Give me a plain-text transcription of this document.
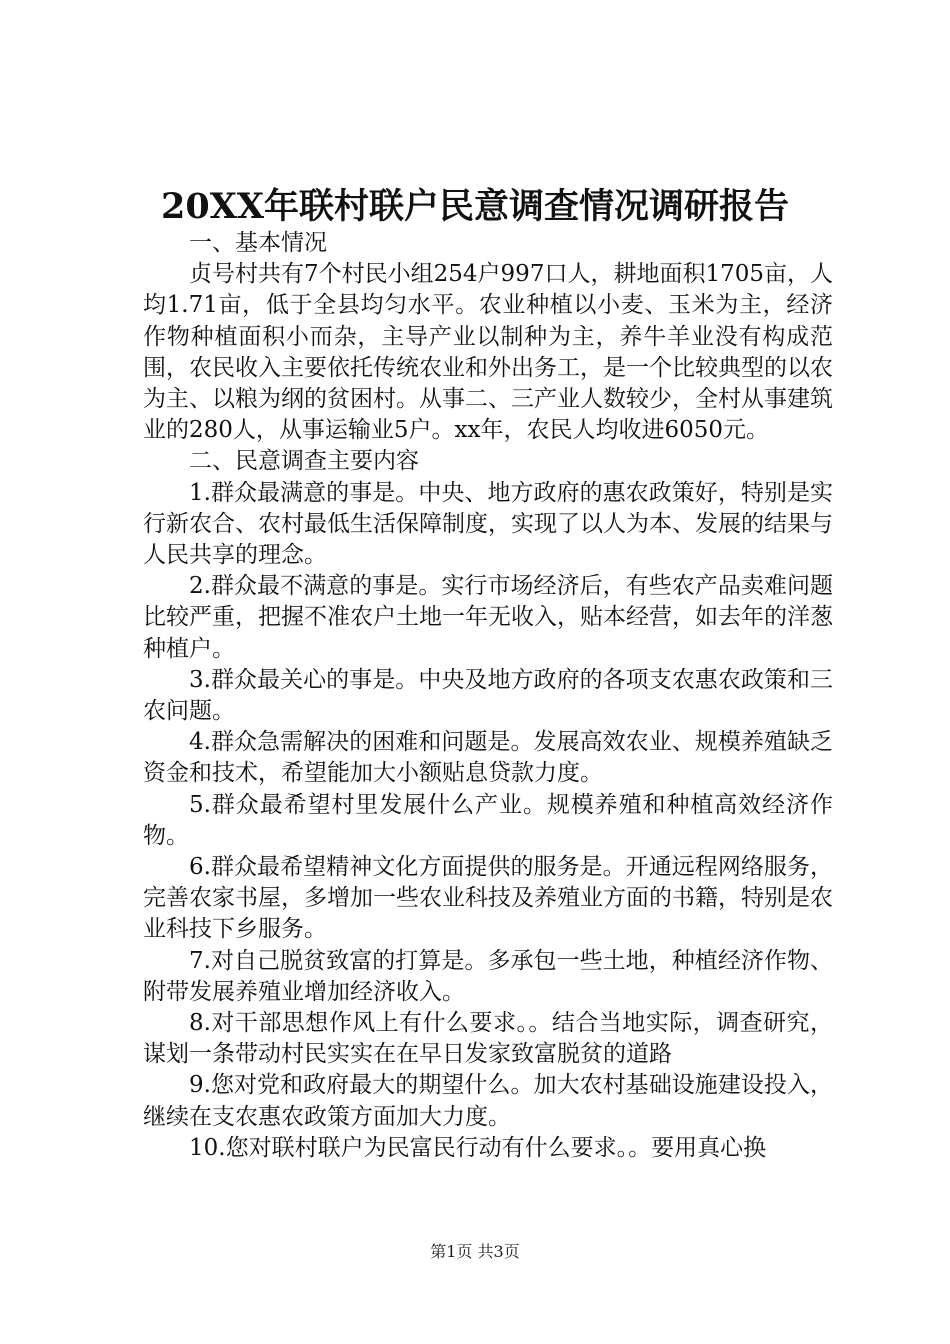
20XX年联村联户民意调查情况调研报告

一、基本情况

贞号村共有7个村民小组254户997口人，耕地面积1705亩，人均1.71亩，低于全县均匀水平。农业种植以小麦、玉米为主，经济作物种植面积小而杂，主导产业以制种为主，养牛羊业没有构成范围，农民收入主要依托传统农业和外出务工，是一个比较典型的以农为主、以粮为纲的贫困村。从事二、三产业人数较少，全村从事建筑业的280人，从事运输业5户。xx年，农民人均收进6050元。

二、民意调查主要内容

1.群众最满意的事是。中央、地方政府的惠农政策好，特别是实行新农合、农村最低生活保障制度，实现了以人为本、发展的结果与人民共享的理念。

2.群众最不满意的事是。实行市场经济后，有些农产品卖难问题比较严重，把握不准农户土地一年无收入，贴本经营，如去年的洋葱种植户。

3.群众最关心的事是。中央及地方政府的各项支农惠农政策和三农问题。

4.群众急需解决的困难和问题是。发展高效农业、规模养殖缺乏资金和技术，希望能加大小额贴息贷款力度。

5.群众最希望村里发展什么产业。规模养殖和种植高效经济作物。

6.群众最希望精神文化方面提供的服务是。开通远程网络服务，完善农家书屋，多增加一些农业科技及养殖业方面的书籍，特别是农业科技下乡服务。

7.对自己脱贫致富的打算是。多承包一些土地，种植经济作物、附带发展养殖业增加经济收入。

8.对干部思想作风上有什么要求。。结合当地实际，调查研究，谋划一条带动村民实实在在早日发家致富脱贫的道路

9.您对党和政府最大的期望什么。加大农村基础设施建设投入，继续在支农惠农政策方面加大力度。

10.您对联村联户为民富民行动有什么要求。。要用真心换

第1页 共3页
